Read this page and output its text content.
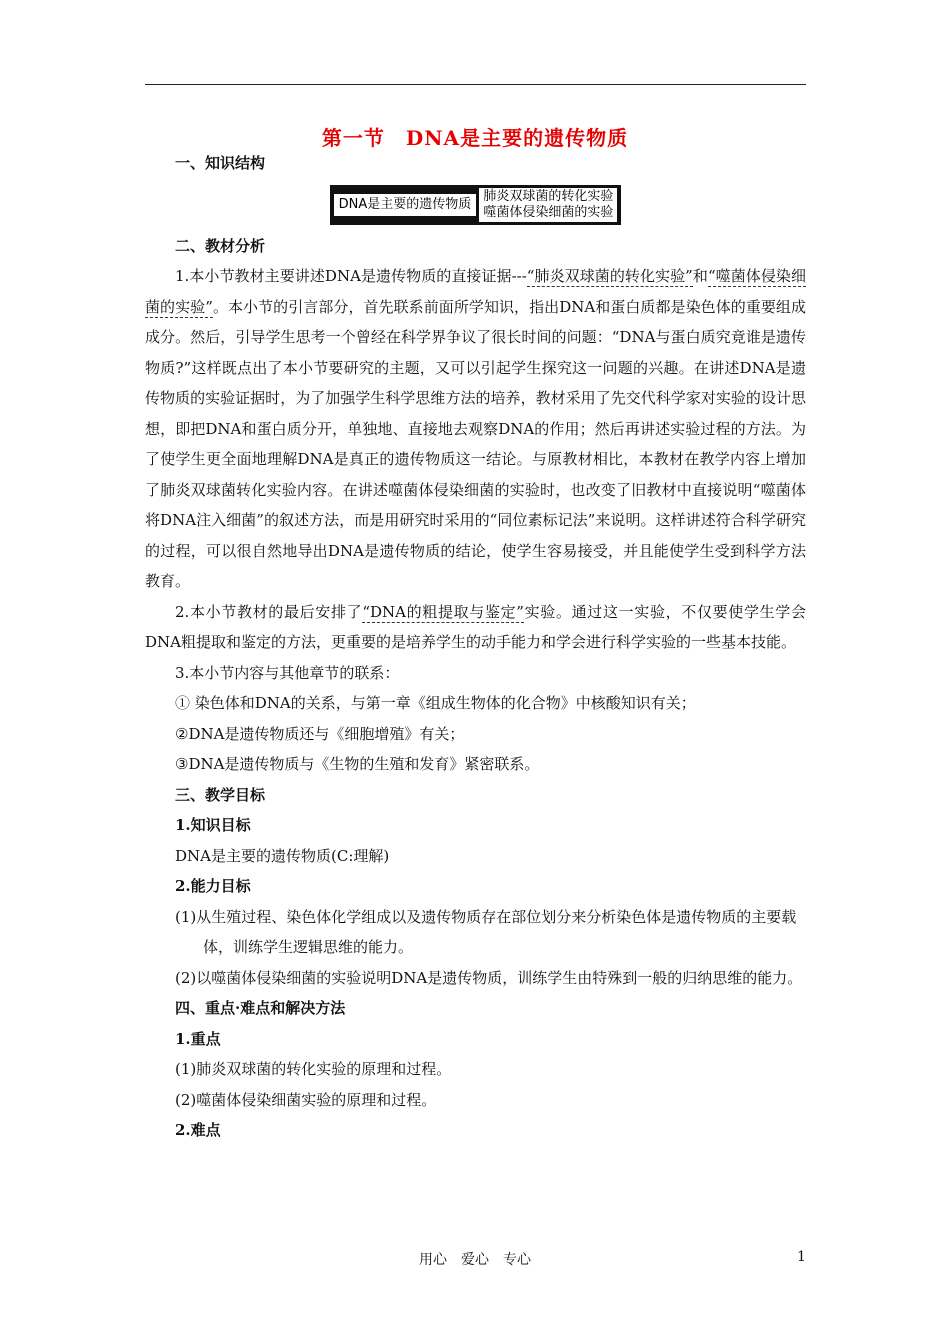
第一节　DNA是主要的遗传物质

一、知识结构

DNA是主要的遗传物质
肺炎双球菌的转化实验
噬菌体侵染细菌的实验

二、教材分析

1.本小节教材主要讲述DNA是遗传物质的直接证据---“肺炎双球菌的转化实验”和“噬菌体侵染细菌的实验”。本小节的引言部分，首先联系前面所学知识，指出DNA和蛋白质都是染色体的重要组成成分。然后，引导学生思考一个曾经在科学界争议了很长时间的问题：“DNA与蛋白质究竟谁是遗传物质?”这样既点出了本小节要研究的主题，又可以引起学生探究这一问题的兴趣。在讲述DNA是遗传物质的实验证据时，为了加强学生科学思维方法的培养，教材采用了先交代科学家对实验的设计思想，即把DNA和蛋白质分开，单独地、直接地去观察DNA的作用；然后再讲述实验过程的方法。为了使学生更全面地理解DNA是真正的遗传物质这一结论。与原教材相比，本教材在教学内容上增加了肺炎双球菌转化实验内容。在讲述噬菌体侵染细菌的实验时，也改变了旧教材中直接说明“噬菌体将DNA注入细菌”的叙述方法，而是用研究时采用的“同位素标记法”来说明。这样讲述符合科学研究的过程，可以很自然地导出DNA是遗传物质的结论，使学生容易接受，并且能使学生受到科学方法教育。

2.本小节教材的最后安排了“DNA的粗提取与鉴定”实验。通过这一实验，不仅要使学生学会DNA粗提取和鉴定的方法，更重要的是培养学生的动手能力和学会进行科学实验的一些基本技能。

3.本小节内容与其他章节的联系：

① 染色体和DNA的关系，与第一章《组成生物体的化合物》中核酸知识有关；

②DNA是遗传物质还与《细胞增殖》有关；

③DNA是遗传物质与《生物的生殖和发育》紧密联系。

三、教学目标

1.知识目标

DNA是主要的遗传物质(C:理解)

2.能力目标

(1)从生殖过程、染色体化学组成以及遗传物质存在部位划分来分析染色体是遗传物质的主要载体，训练学生逻辑思维的能力。

(2)以噬菌体侵染细菌的实验说明DNA是遗传物质，训练学生由特殊到一般的归纳思维的能力。

四、重点·难点和解决方法

1.重点

(1)肺炎双球菌的转化实验的原理和过程。

(2)噬菌体侵染细菌实验的原理和过程。

2.难点

用心　爱心　专心	1
